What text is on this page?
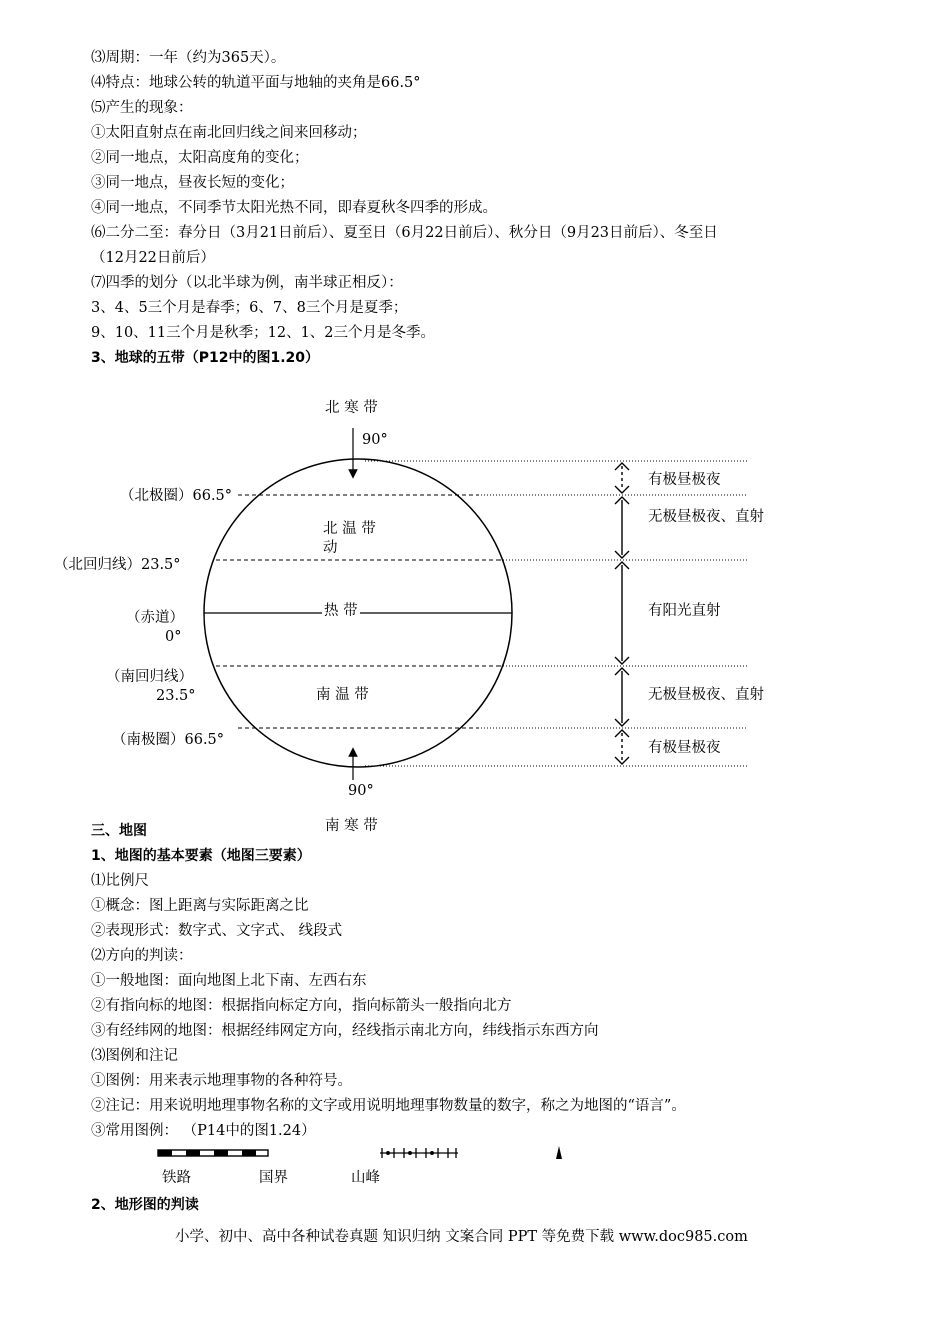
⑶周期：一年（约为365天）。
⑷特点：地球公转的轨道平面与地轴的夹角是66.5°
⑸产生的现象：
①太阳直射点在南北回归线之间来回移动；
②同一地点，太阳高度角的变化；
③同一地点，昼夜长短的变化；
④同一地点，不同季节太阳光热不同，即春夏秋冬四季的形成。
⑹二分二至：春分日（3月21日前后）、夏至日（6月22日前后）、秋分日（9月23日前后）、冬至日
（12月22日前后）
⑺四季的划分（以北半球为例，南半球正相反）：
3、4、5三个月是春季；6、7、8三个月是夏季；
9、10、11三个月是秋季；12、1、2三个月是冬季。
3、地球的五带（P12中的图1.20）
北 寒 带
90°
（北极圈）66.5°
北 温 带
动
（北回归线）23.5°
（赤道）
0°
热 带
（南回归线）
23.5°	南 温 带
（南极圈）66.5°
90°
南 寒 带
有极昼极夜
无极昼极夜、直射
有阳光直射
无极昼极夜、直射
有极昼极夜
三、地图
1、地图的基本要素（地图三要素）
⑴比例尺
①概念：图上距离与实际距离之比
②表现形式：数字式、文字式、 线段式
⑵方向的判读：
①一般地图：面向地图上北下南、左西右东
②有指向标的地图：根据指向标定方向，指向标箭头一般指向北方
③有经纬网的地图：根据经纬网定方向，经线指示南北方向，纬线指示东西方向
⑶图例和注记
①图例：用来表示地理事物的各种符号。
②注记：用来说明地理事物名称的文字或用说明地理事物数量的数字，称之为地图的“语言”。
③常用图例： （P14中的图1.24）
铁路	国界	山峰
2、地形图的判读
小学、初中、高中各种试卷真题 知识归纳 文案合同 PPT 等免费下载 www.doc985.com
